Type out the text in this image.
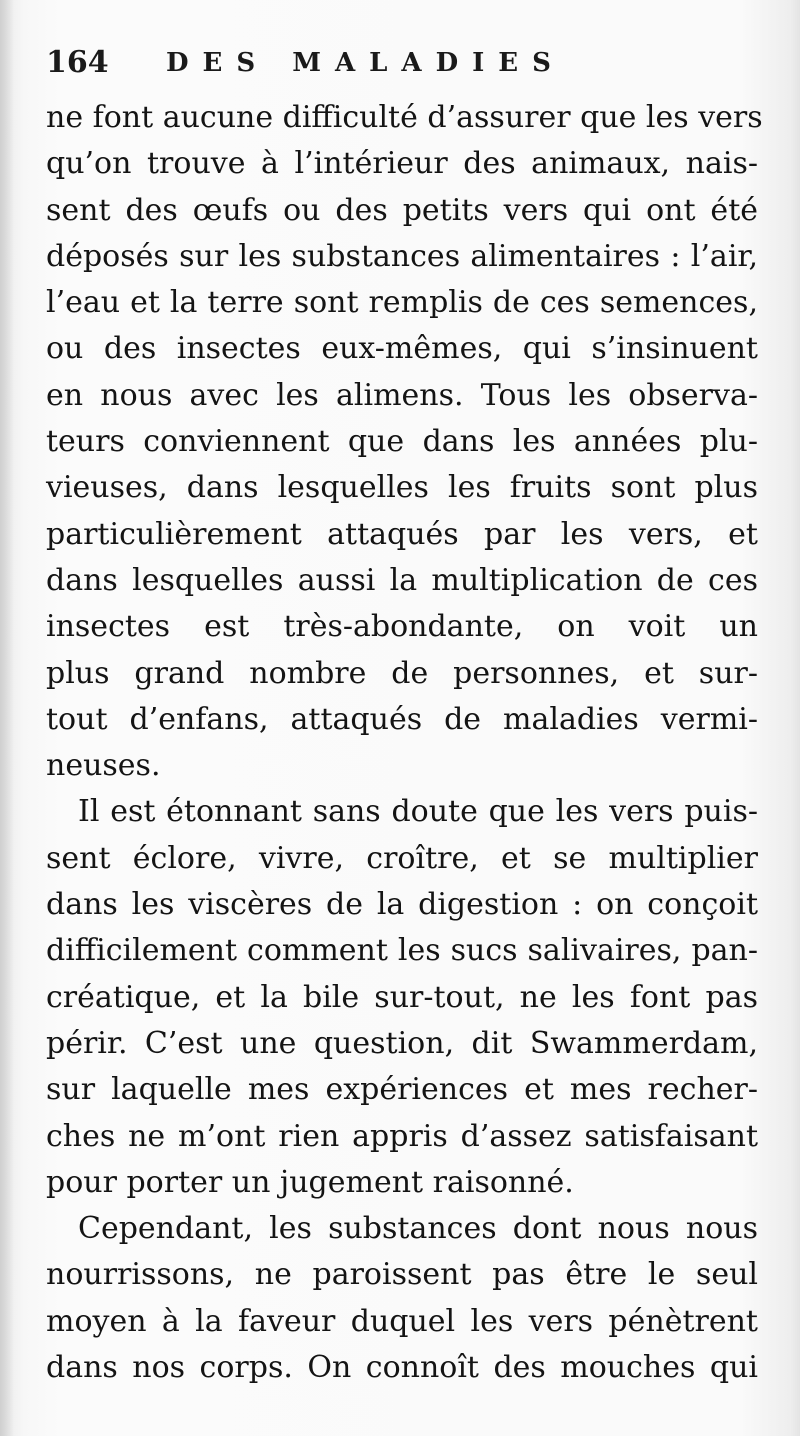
164 DES MALADIES
ne font aucune difficulté d’assurer que les vers
qu’on trouve à l’intérieur des animaux, nais-
sent des œufs ou des petits vers qui ont été
déposés sur les substances alimentaires : l’air,
l’eau et la terre sont remplis de ces semences,
ou des insectes eux-mêmes, qui s’insinuent
en nous avec les alimens. Tous les observa-
teurs conviennent que dans les années plu-
vieuses, dans lesquelles les fruits sont plus
particulièrement attaqués par les vers, et
dans lesquelles aussi la multiplication de ces
insectes est très-abondante, on voit un
plus grand nombre de personnes, et sur-
tout d’enfans, attaqués de maladies vermi-
neuses.
Il est étonnant sans doute que les vers puis-
sent éclore, vivre, croître, et se multiplier
dans les viscères de la digestion : on conçoit
difficilement comment les sucs salivaires, pan-
créatique, et la bile sur-tout, ne les font pas
périr. C’est une question, dit Swammerdam,
sur laquelle mes expériences et mes recher-
ches ne m’ont rien appris d’assez satisfaisant
pour porter un jugement raisonné.
Cependant, les substances dont nous nous
nourrissons, ne paroissent pas être le seul
moyen à la faveur duquel les vers pénètrent
dans nos corps. On connoît des mouches qui
